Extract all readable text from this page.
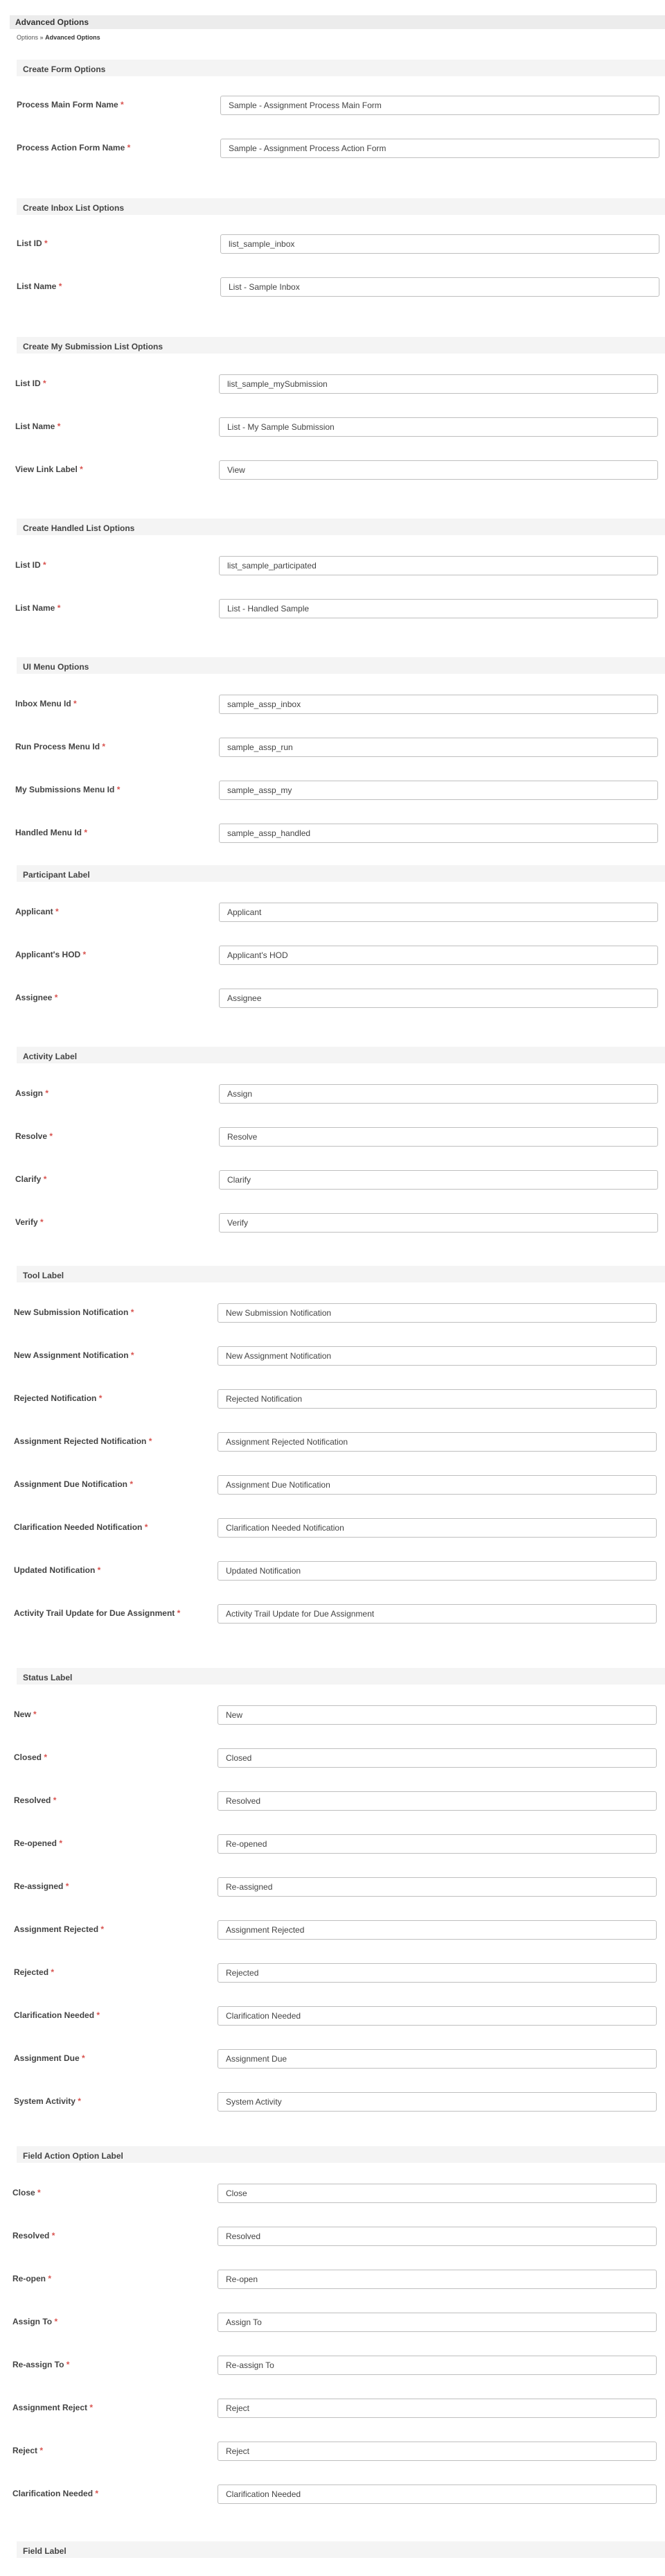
Advanced Options
Options » Advanced Options
Create Form Options
Process Main Form Name *
Sample - Assignment Process Main Form
Process Action Form Name *
Sample - Assignment Process Action Form
Create Inbox List Options
List ID *
list_sample_inbox
List Name *
List - Sample Inbox
Create My Submission List Options
List ID *
list_sample_mySubmission
List Name *
List - My Sample Submission
View Link Label *
View
Create Handled List Options
List ID *
list_sample_participated
List Name *
List - Handled Sample
UI Menu Options
Inbox Menu Id *
sample_assp_inbox
Run Process Menu Id *
sample_assp_run
My Submissions Menu Id *
sample_assp_my
Handled Menu Id *
sample_assp_handled
Participant Label
Applicant *
Applicant
Applicant's HOD *
Applicant's HOD
Assignee *
Assignee
Activity Label
Assign *
Assign
Resolve *
Resolve
Clarify *
Clarify
Verify *
Verify
Tool Label
New Submission Notification *
New Submission Notification
New Assignment Notification *
New Assignment Notification
Rejected Notification *
Rejected Notification
Assignment Rejected Notification *
Assignment Rejected Notification
Assignment Due Notification *
Assignment Due Notification
Clarification Needed Notification *
Clarification Needed Notification
Updated Notification *
Updated Notification
Activity Trail Update for Due Assignment *
Activity Trail Update for Due Assignment
Status Label
New *
New
Closed *
Closed
Resolved *
Resolved
Re-opened *
Re-opened
Re-assigned *
Re-assigned
Assignment Rejected *
Assignment Rejected
Rejected *
Rejected
Clarification Needed *
Clarification Needed
Assignment Due *
Assignment Due
System Activity *
System Activity
Field Action Option Label
Close *
Close
Resolved *
Resolved
Re-open *
Re-open
Assign To *
Assign To
Re-assign To *
Re-assign To
Assignment Reject *
Reject
Reject *
Reject
Clarification Needed *
Clarification Needed
Field Label
